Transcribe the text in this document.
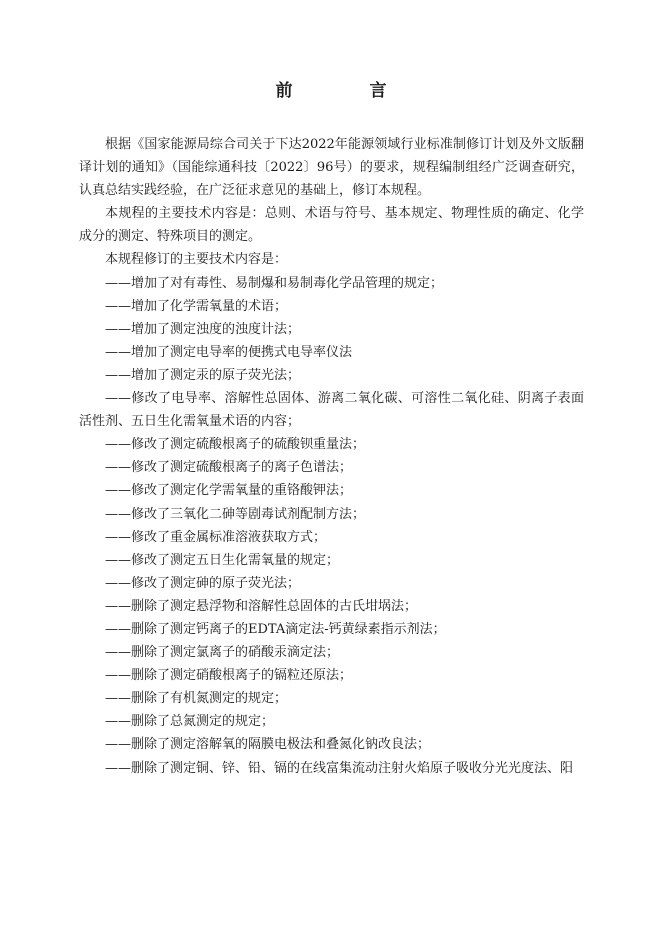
前　言

根据《国家能源局综合司关于下达2022年能源领域行业标准制修订计划及外文版翻译计划的通知》（国能综通科技〔2022〕96号）的要求，规程编制组经广泛调查研究，认真总结实践经验，在广泛征求意见的基础上，修订本规程。

本规程的主要技术内容是：总则、术语与符号、基本规定、物理性质的确定、化学成分的测定、特殊项目的测定。

本规程修订的主要技术内容是：

——增加了对有毒性、易制爆和易制毒化学品管理的规定；

——增加了化学需氧量的术语；

——增加了测定浊度的浊度计法；

——增加了测定电导率的便携式电导率仪法

——增加了测定汞的原子荧光法；

——修改了电导率、溶解性总固体、游离二氧化碳、可溶性二氧化硅、阴离子表面活性剂、五日生化需氧量术语的内容；

——修改了测定硫酸根离子的硫酸钡重量法；

——修改了测定硫酸根离子的离子色谱法；

——修改了测定化学需氧量的重铬酸钾法；

——修改了三氧化二砷等剧毒试剂配制方法；

——修改了重金属标准溶液获取方式；

——修改了测定五日生化需氧量的规定；

——修改了测定砷的原子荧光法；

——删除了测定悬浮物和溶解性总固体的古氏坩埚法；

——删除了测定钙离子的EDTA滴定法-钙黄绿素指示剂法；

——删除了测定氯离子的硝酸汞滴定法；

——删除了测定硝酸根离子的镉粒还原法；

——删除了有机氮测定的规定；

——删除了总氮测定的规定；

——删除了测定溶解氧的隔膜电极法和叠氮化钠改良法；

——删除了测定铜、锌、铅、镉的在线富集流动注射火焰原子吸收分光光度法、阳
